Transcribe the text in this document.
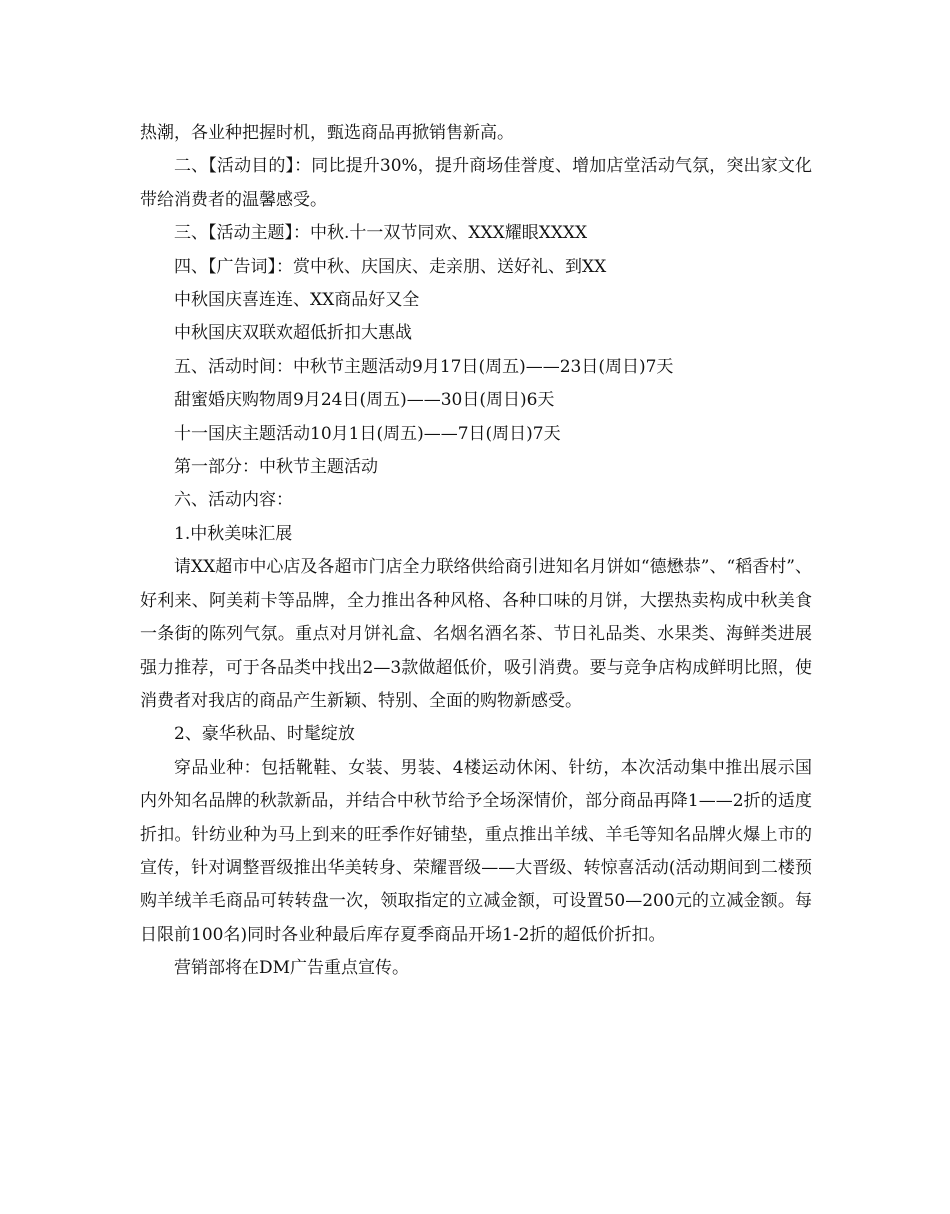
热潮，各业种把握时机，甄选商品再掀销售新高。

二、【活动目的】：同比提升30%，提升商场佳誉度、增加店堂活动气氛，突出家文化带给消费者的温馨感受。

三、【活动主题】：中秋.十一双节同欢、XXX耀眼XXXX

四、【广告词】：赏中秋、庆国庆、走亲朋、送好礼、到XX

中秋国庆喜连连、XX商品好又全

中秋国庆双联欢超低折扣大惠战

五、活动时间：中秋节主题活动9月17日(周五)——23日(周日)7天

甜蜜婚庆购物周9月24日(周五)——30日(周日)6天

十一国庆主题活动10月1日(周五)——7日(周日)7天

第一部分：中秋节主题活动

六、活动内容：

1.中秋美味汇展

请XX超市中心店及各超市门店全力联络供给商引进知名月饼如“德懋恭”、“稻香村”、好利来、阿美莉卡等品牌，全力推出各种风格、各种口味的月饼，大摆热卖构成中秋美食一条街的陈列气氛。重点对月饼礼盒、名烟名酒名茶、节日礼品类、水果类、海鲜类进展强力推荐，可于各品类中找出2—3款做超低价，吸引消费。要与竞争店构成鲜明比照，使消费者对我店的商品产生新颖、特别、全面的购物新感受。

2、豪华秋品、时髦绽放

穿品业种：包括靴鞋、女装、男装、4楼运动休闲、针纺，本次活动集中推出展示国内外知名品牌的秋款新品，并结合中秋节给予全场深情价，部分商品再降1——2折的适度折扣。针纺业种为马上到来的旺季作好铺垫，重点推出羊绒、羊毛等知名品牌火爆上市的宣传，针对调整晋级推出华美转身、荣耀晋级——大晋级、转惊喜活动(活动期间到二楼预购羊绒羊毛商品可转转盘一次，领取指定的立减金额，可设置50—200元的立减金额。每日限前100名)同时各业种最后库存夏季商品开场1-2折的超低价折扣。

营销部将在DM广告重点宣传。
